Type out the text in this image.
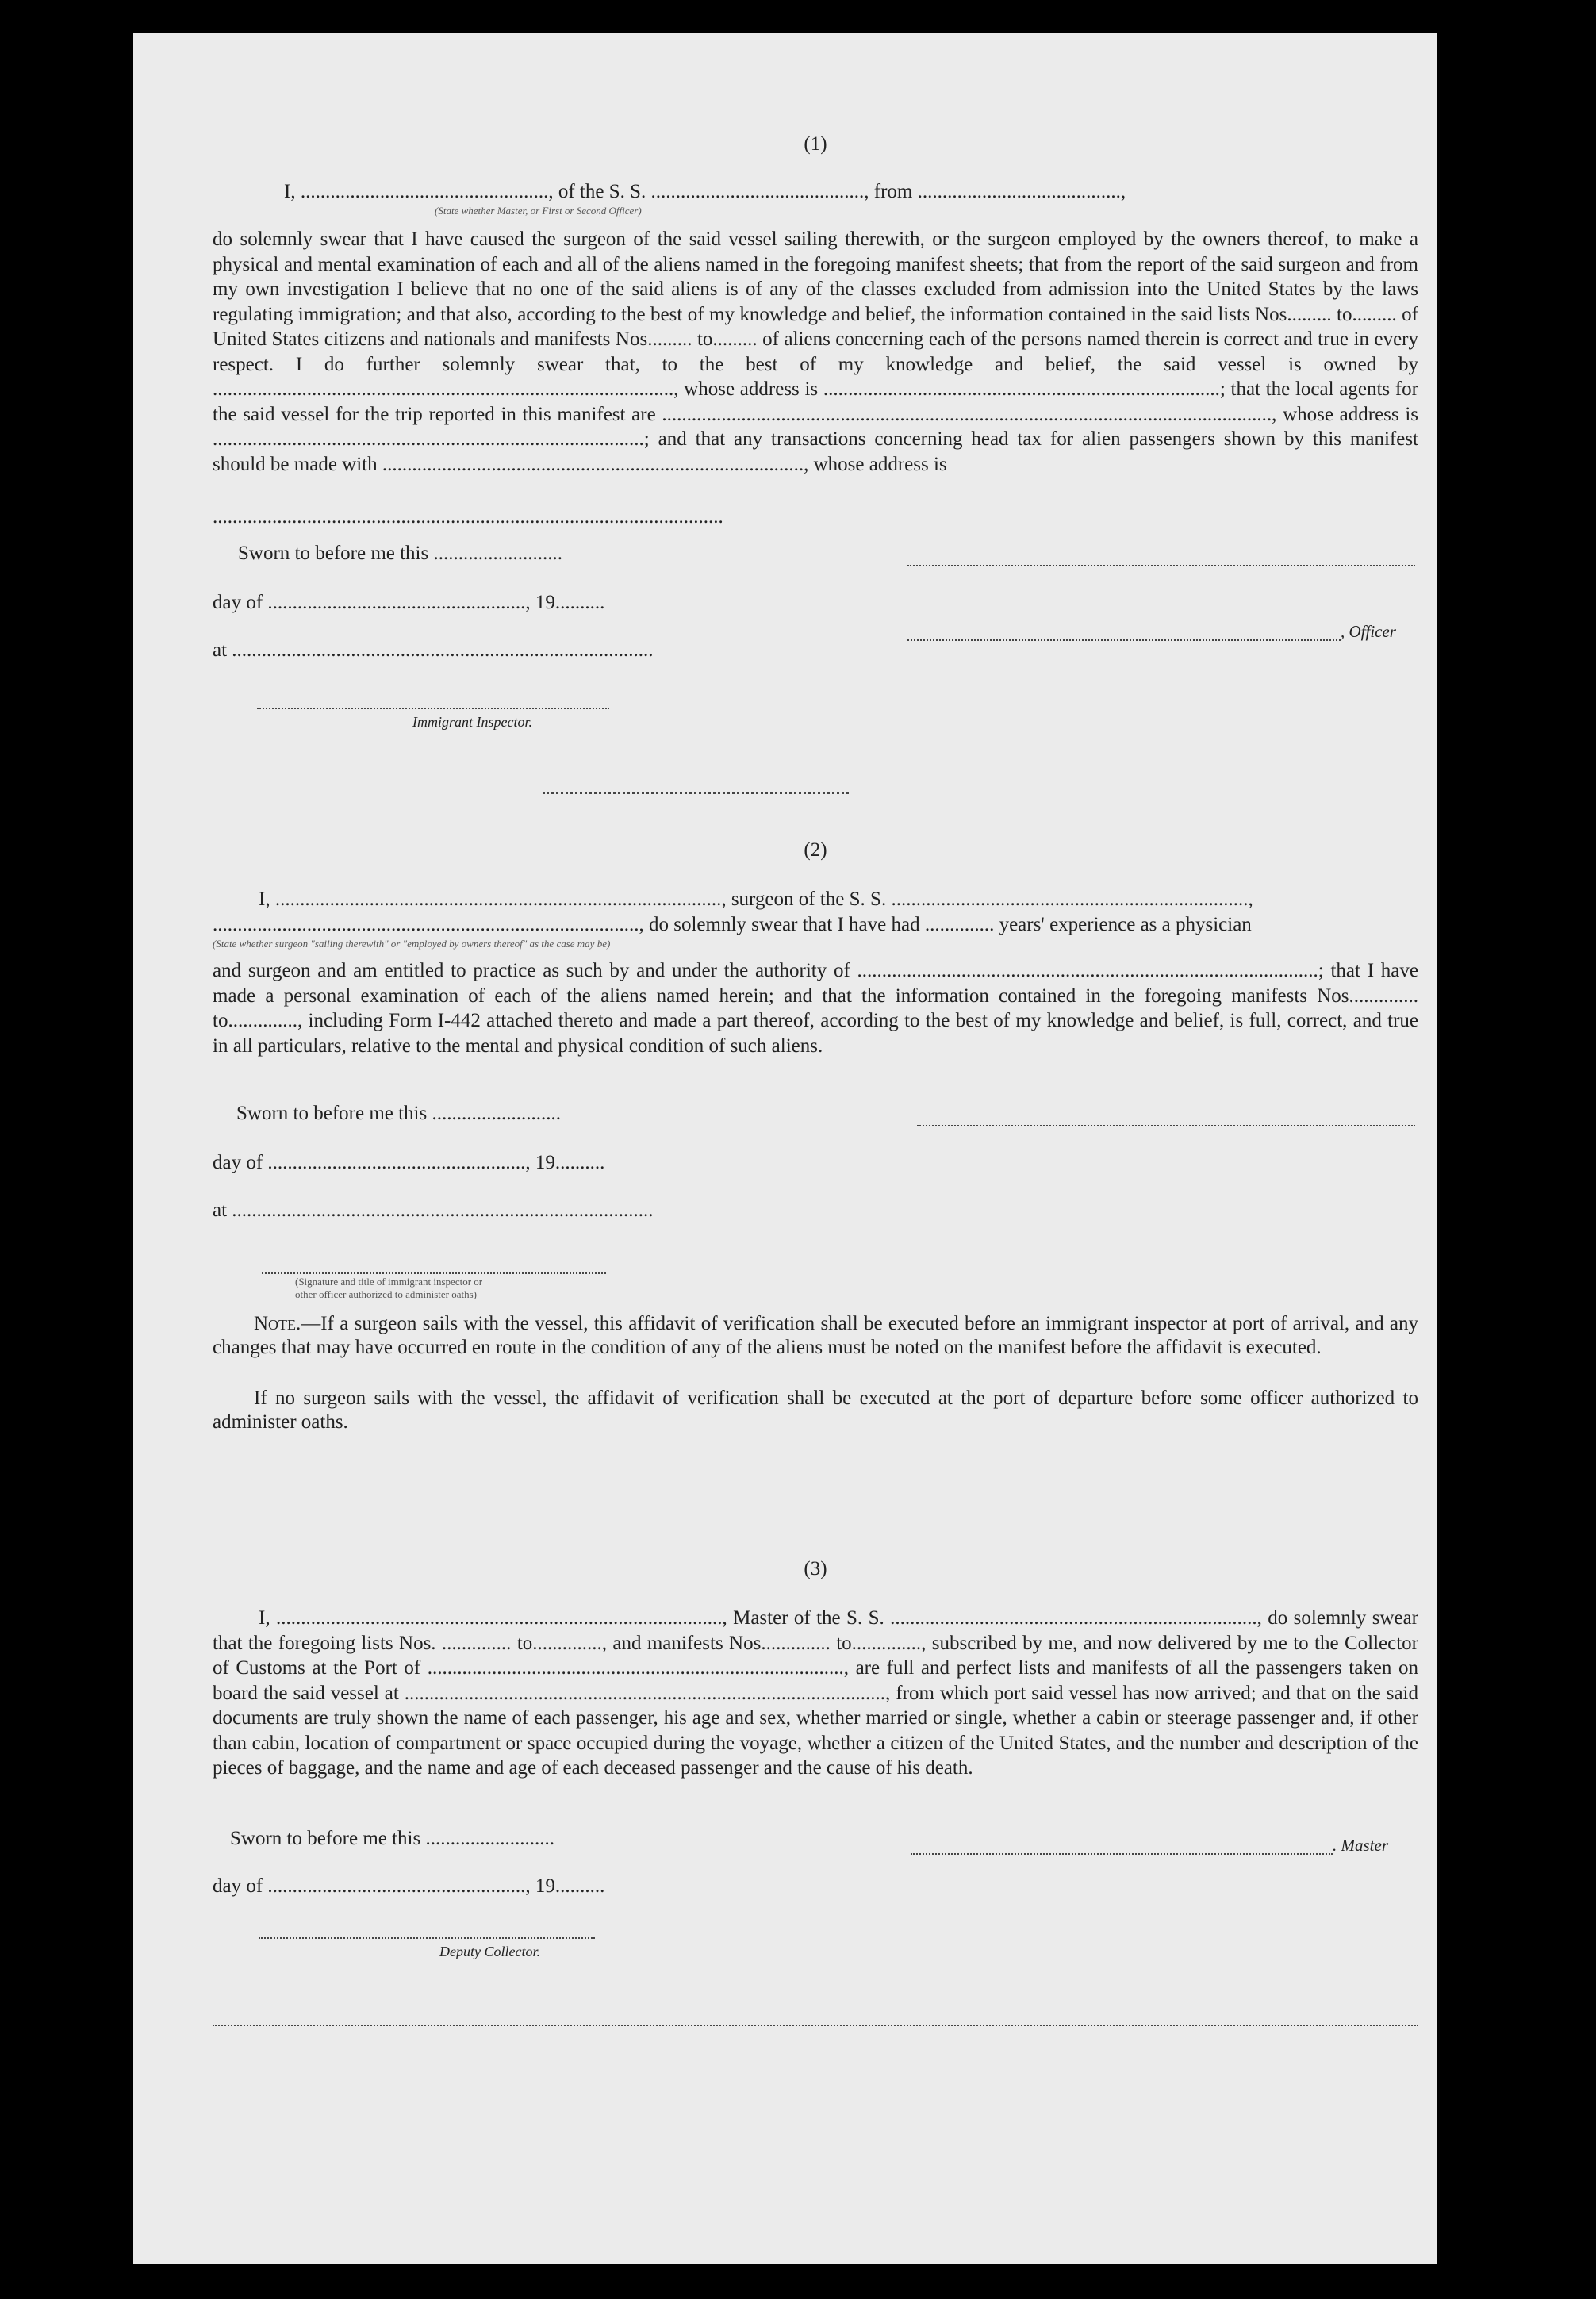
(1)
I, .................................................., of the S. S. ..........................................., from .........................................,
(State whether Master, or First or Second Officer)
do solemnly swear that I have caused the surgeon of the said vessel sailing therewith, or the surgeon employed by the owners thereof, to make a physical and mental examination of each and all of the aliens named in the foregoing manifest sheets; that from the report of the said surgeon and from my own investigation I believe that no one of the said aliens is of any of the classes excluded from admission into the United States by the laws regulating immigration; and that also, according to the best of my knowledge and belief, the information contained in the said lists Nos......... to......... of United States citizens and nationals and manifests Nos......... to......... of aliens concerning each of the persons named therein is correct and true in every respect. I do further solemnly swear that, to the best of my knowledge and belief, the said vessel is owned by ............................................................................................., whose address is ................................................................................; that the local agents for the said vessel for the trip reported in this manifest are ..........................................................................................................................., whose address is .......................................................................................; and that any transactions concerning head tax for alien passengers shown by this manifest should be made with ....................................................................................., whose address is
.......................................................................................................
Sworn to before me this ..........................
day of ...................................................., 19..........
, Officer
at .....................................................................................
Immigrant Inspector.
(2)
I, .........................................................................................., surgeon of the S. S. ........................................................................,
......................................................................................, do solemnly swear that I have had .............. years' experience as a physician
(State whether surgeon "sailing therewith" or "employed by owners thereof" as the case may be)
and surgeon and am entitled to practice as such by and under the authority of .............................................................................................; that I have made a personal examination of each of the aliens named herein; and that the information contained in the foregoing manifests Nos.............. to.............., including Form I-442 attached thereto and made a part thereof, according to the best of my knowledge and belief, is full, correct, and true in all particulars, relative to the mental and physical condition of such aliens.
Sworn to before me this ..........................
day of ...................................................., 19..........
at .....................................................................................
(Signature and title of immigrant inspector or
other officer authorized to administer oaths)
Note.—If a surgeon sails with the vessel, this affidavit of verification shall be executed before an immigrant inspector at port of arrival, and any changes that may have occurred en route in the condition of any of the aliens must be noted on the manifest before the affidavit is executed.
If no surgeon sails with the vessel, the affidavit of verification shall be executed at the port of departure before some officer authorized to administer oaths.
(3)
I, .........................................................................................., Master of the S. S. .........................................................................., do solemnly swear that the foregoing lists Nos. .............. to.............., and manifests Nos.............. to.............., subscribed by me, and now delivered by me to the Collector of Customs at the Port of ...................................................................................., are full and perfect lists and manifests of all the passengers taken on board the said vessel at ................................................................................................., from which port said vessel has now arrived; and that on the said documents are truly shown the name of each passenger, his age and sex, whether married or single, whether a cabin or steerage passenger and, if other than cabin, location of compartment or space occupied during the voyage, whether a citizen of the United States, and the number and description of the pieces of baggage, and the name and age of each deceased passenger and the cause of his death.
Sworn to before me this ..........................	. Master
day of ...................................................., 19..........
Deputy Collector.
